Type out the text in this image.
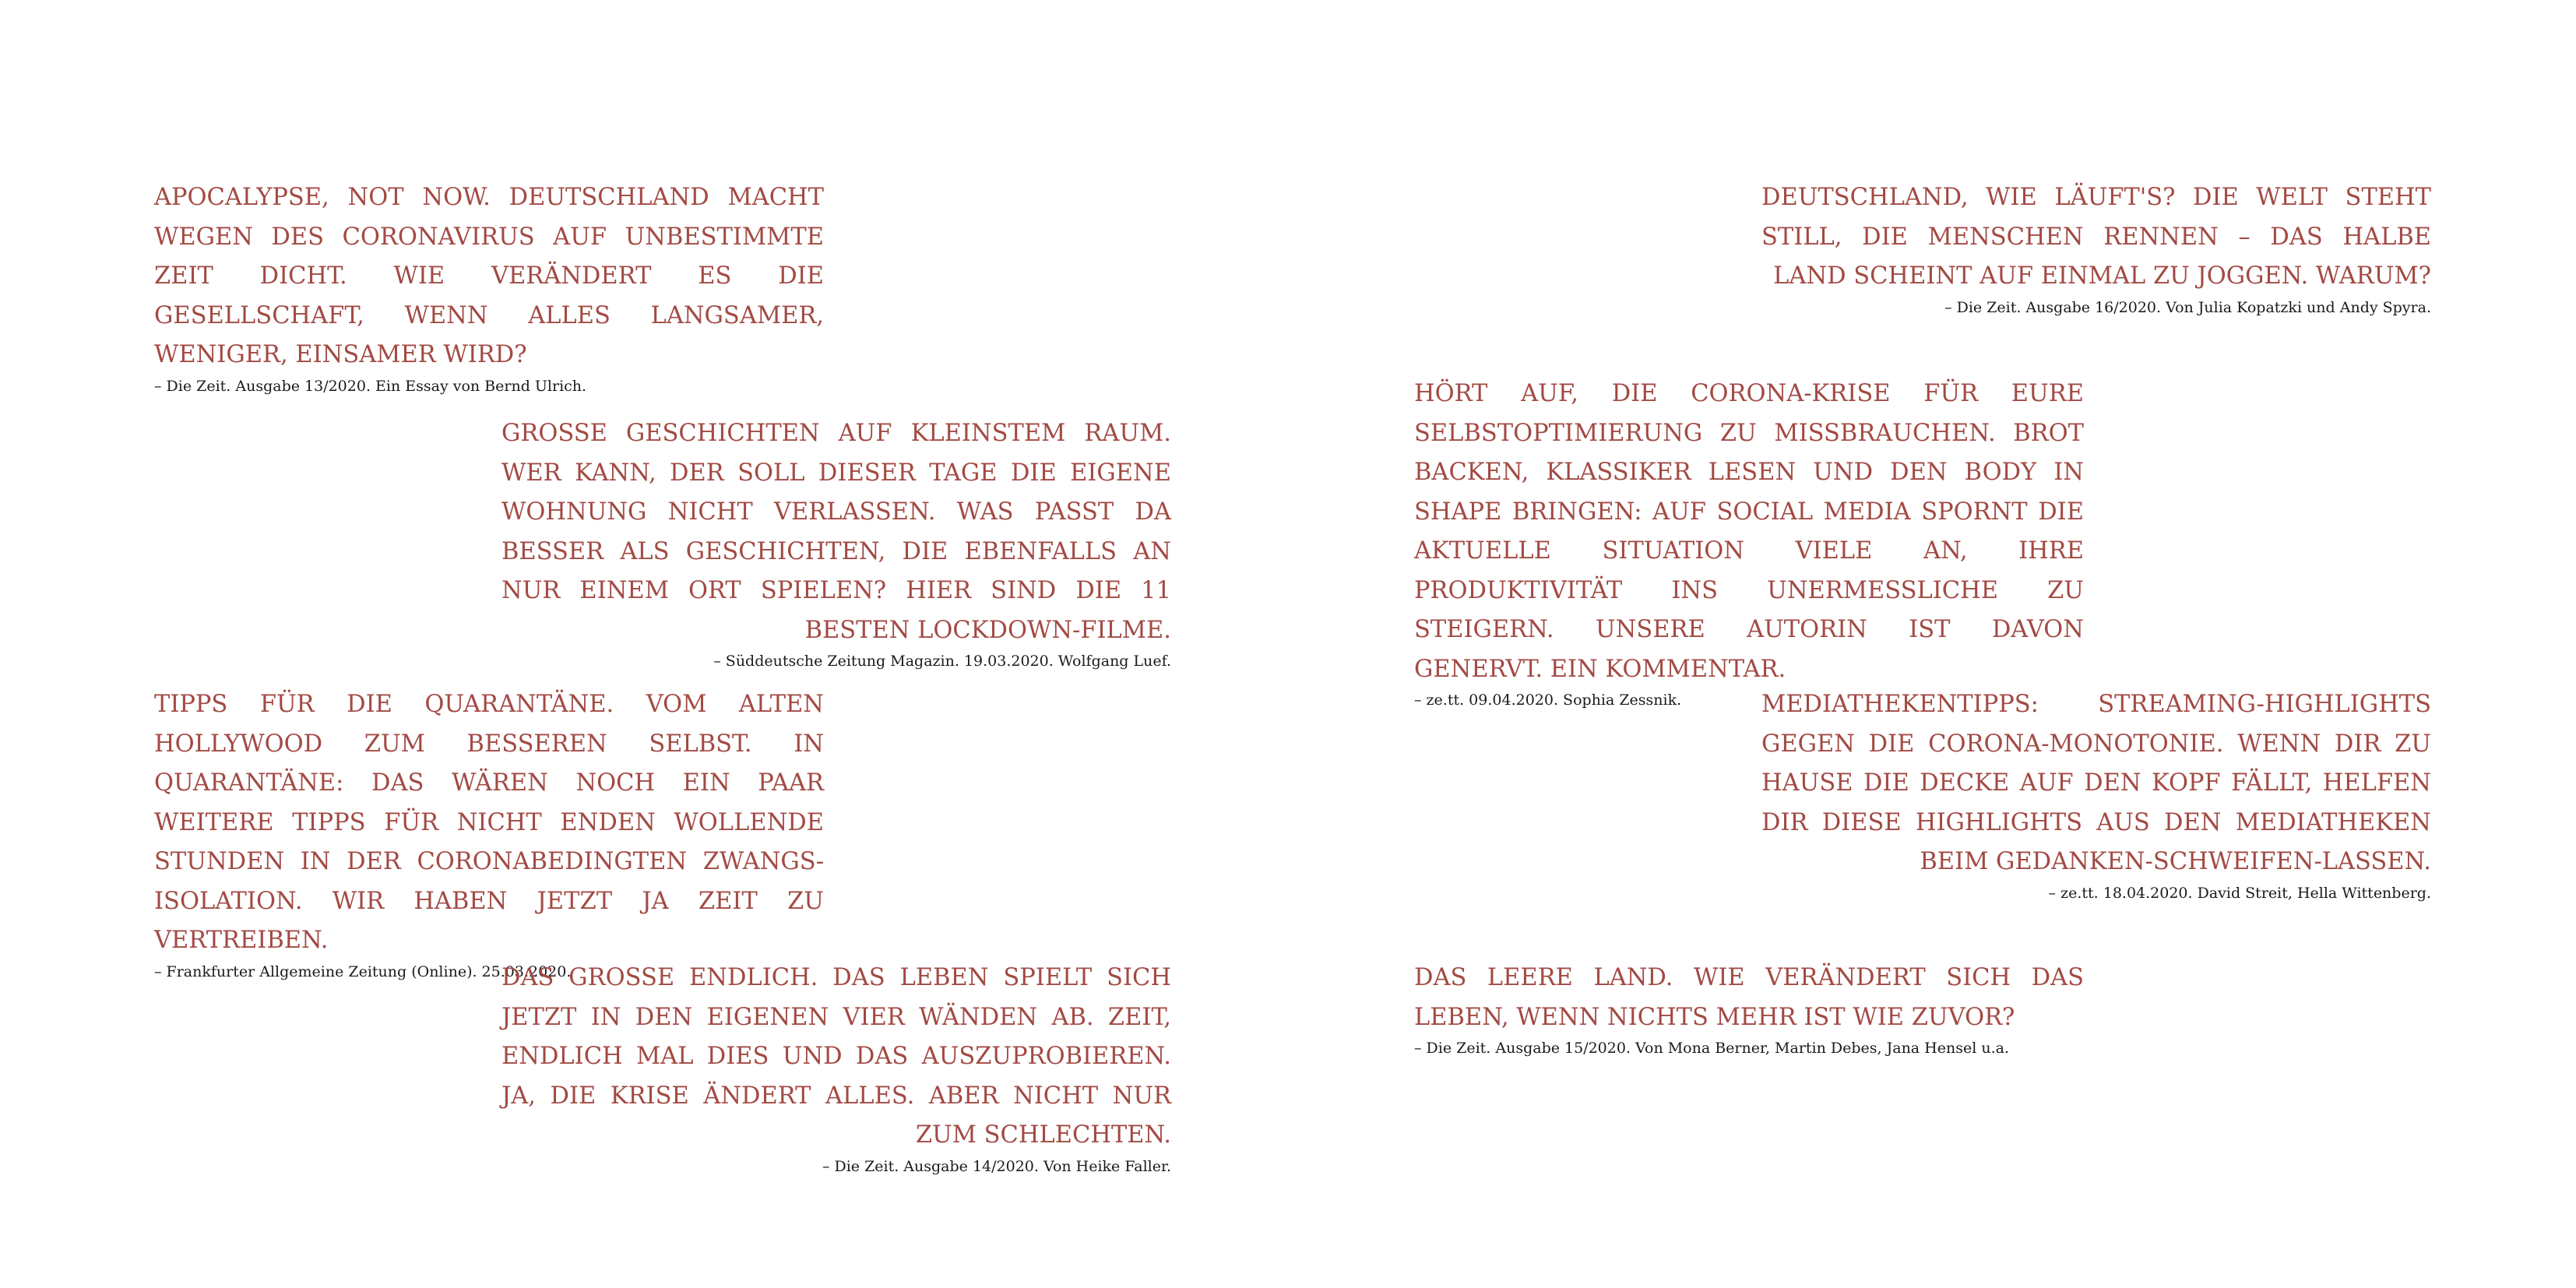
APOCALYPSE, NOT NOW. DEUTSCHLAND MACHT WEGEN DES CORONAVIRUS AUF UNBESTIMMTE ZEIT DICHT. WIE VERÄNDERT ES DIE GESELLSCHAFT, WENN ALLES LANGSAMER, WENIGER, EINSAMER WIRD?

– Die Zeit. Ausgabe 13/2020. Ein Essay von Bernd Ulrich.

GROSSE GESCHICHTEN AUF KLEINSTEM RAUM. WER KANN, DER SOLL DIESER TAGE DIE EIGENE WOHNUNG NICHT VERLASSEN. WAS PASST DA BESSER ALS GESCHICHTEN, DIE EBENFALLS AN NUR EINEM ORT SPIELEN? HIER SIND DIE 11 BESTEN LOCKDOWN-FILME.

– Süddeutsche Zeitung Magazin. 19.03.2020. Wolfgang Luef.

TIPPS FÜR DIE QUARANTÄNE. VOM ALTEN HOLLYWOOD ZUM BESSEREN SELBST. IN QUARANTÄNE: DAS WÄREN NOCH EIN PAAR WEITERE TIPPS FÜR NICHT ENDEN WOLLENDE STUNDEN IN DER CORONABEDINGTEN ZWANGSISOLATION. WIR HABEN JETZT JA ZEIT ZU VERTREIBEN.

– Frankfurter Allgemeine Zeitung (Online). 25.03.2020.

DAS GROSSE ENDLICH. DAS LEBEN SPIELT SICH JETZT IN DEN EIGENEN VIER WÄNDEN AB. ZEIT, ENDLICH MAL DIES UND DAS AUSZUPROBIEREN. JA, DIE KRISE ÄNDERT ALLES. ABER NICHT NUR ZUM SCHLECHTEN.

– Die Zeit. Ausgabe 14/2020. Von Heike Faller.

DEUTSCHLAND, WIE LÄUFT'S? DIE WELT STEHT STILL, DIE MENSCHEN RENNEN – DAS HALBE LAND SCHEINT AUF EINMAL ZU JOGGEN. WARUM?

– Die Zeit. Ausgabe 16/2020. Von Julia Kopatzki und Andy Spyra.

HÖRT AUF, DIE CORONA-KRISE FÜR EURE SELBSTOPTIMIERUNG ZU MISSBRAUCHEN. BROT BACKEN, KLASSIKER LESEN UND DEN BODY IN SHAPE BRINGEN: AUF SOCIAL MEDIA SPORNT DIE AKTUELLE SITUATION VIELE AN, IHRE PRODUKTIVITÄT INS UNERMESSLICHE ZU STEIGERN. UNSERE AUTORIN IST DAVON GENERVT. EIN KOMMENTAR.

– ze.tt. 09.04.2020. Sophia Zessnik.	MEDIATHEKENTIPPS: STREAMING-HIGHLIGHTS GEGEN DIE CORONA-MONOTONIE. WENN DIR ZU HAUSE DIE DECKE AUF DEN KOPF FÄLLT, HELFEN DIR DIESE HIGHLIGHTS AUS DEN MEDIATHEKEN BEIM GEDANKEN-SCHWEIFEN-LASSEN.

– ze.tt. 18.04.2020. David Streit, Hella Wittenberg.

DAS LEERE LAND. WIE VERÄNDERT SICH DAS LEBEN, WENN NICHTS MEHR IST WIE ZUVOR?

– Die Zeit. Ausgabe 15/2020. Von Mona Berner, Martin Debes, Jana Hensel u.a.
